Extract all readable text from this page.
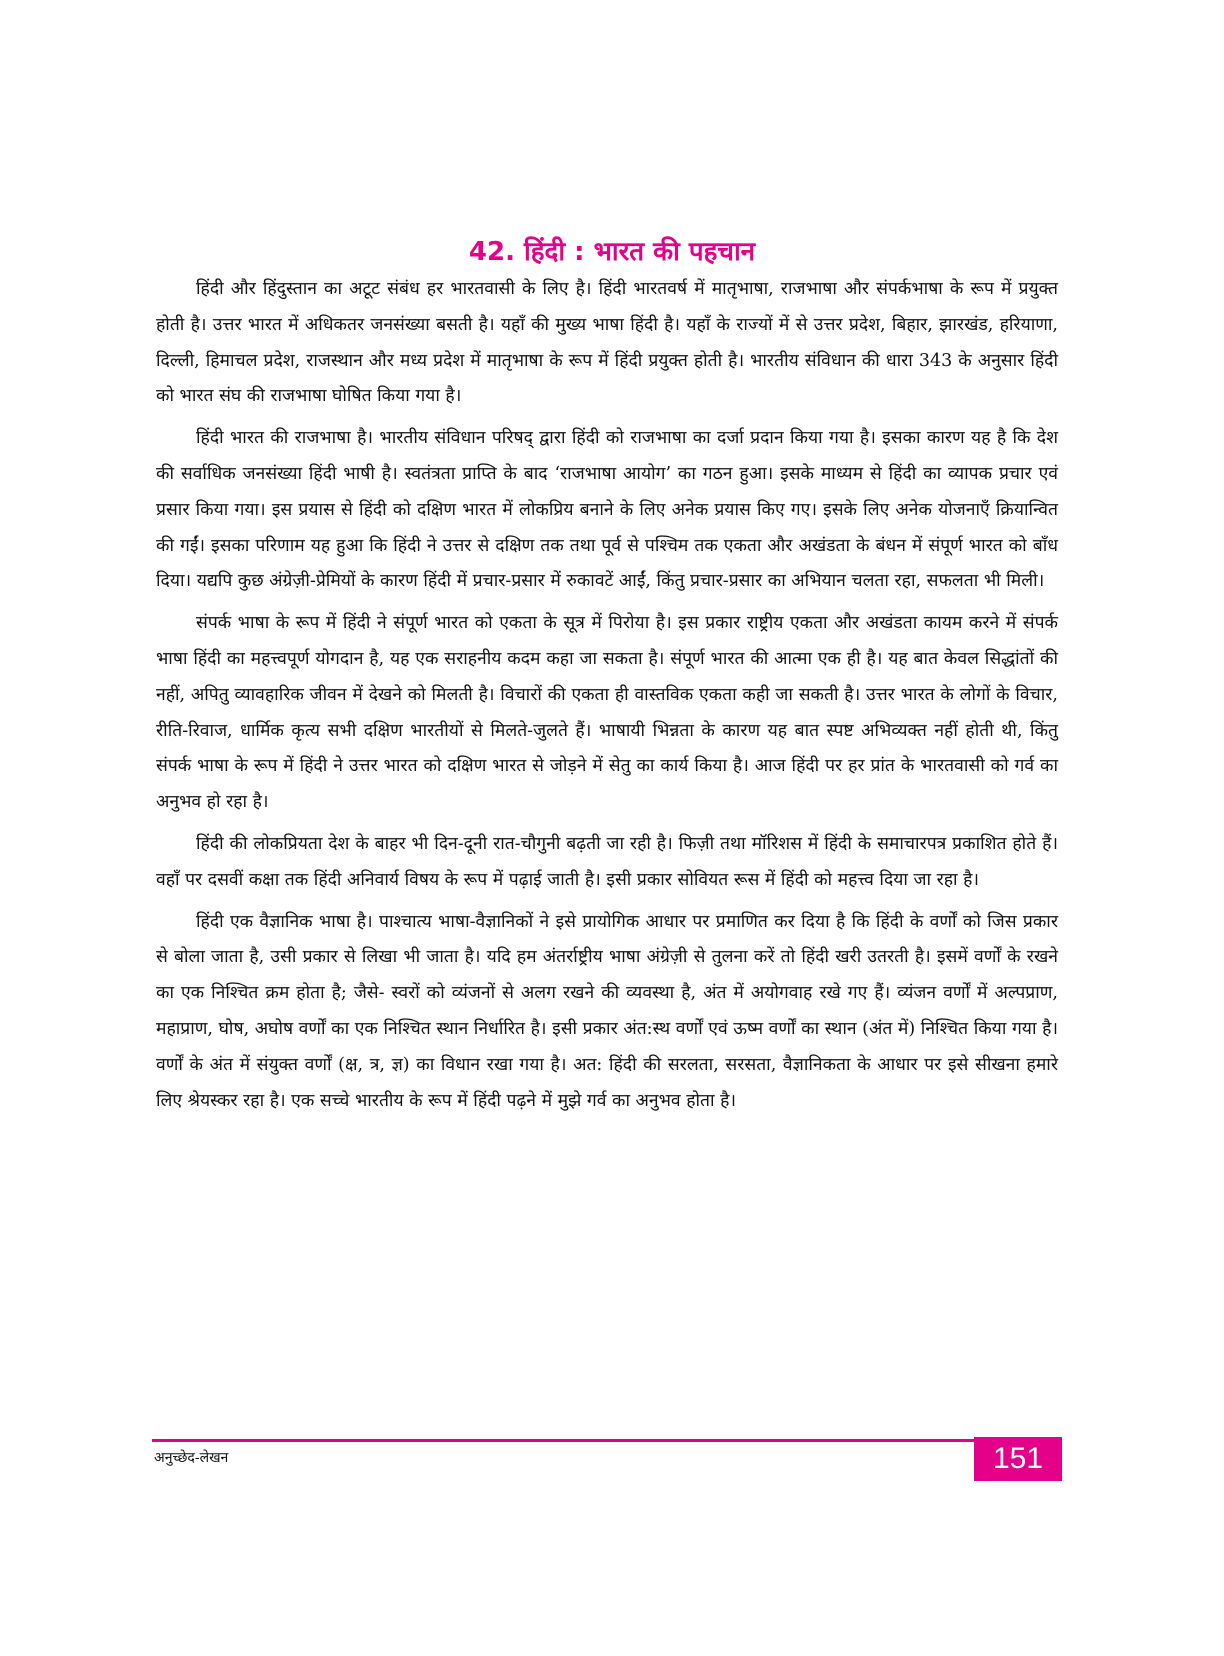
42. हिंदी : भारत की पहचान

हिंदी और हिंदुस्तान का अटूट संबंध हर भारतवासी के लिए है। हिंदी भारतवर्ष में मातृभाषा, राजभाषा और संपर्कभाषा के रूप में प्रयुक्त होती है। उत्तर भारत में अधिकतर जनसंख्या बसती है। यहाँ की मुख्य भाषा हिंदी है। यहाँ के राज्यों में से उत्तर प्रदेश, बिहार, झारखंड, हरियाणा, दिल्ली, हिमाचल प्रदेश, राजस्थान और मध्य प्रदेश में मातृभाषा के रूप में हिंदी प्रयुक्त होती है। भारतीय संविधान की धारा 343 के अनुसार हिंदी को भारत संघ की राजभाषा घोषित किया गया है।

हिंदी भारत की राजभाषा है। भारतीय संविधान परिषद् द्वारा हिंदी को राजभाषा का दर्जा प्रदान किया गया है। इसका कारण यह है कि देश की सर्वाधिक जनसंख्या हिंदी भाषी है। स्वतंत्रता प्राप्ति के बाद ‘राजभाषा आयोग’ का गठन हुआ। इसके माध्यम से हिंदी का व्यापक प्रचार एवं प्रसार किया गया। इस प्रयास से हिंदी को दक्षिण भारत में लोकप्रिय बनाने के लिए अनेक प्रयास किए गए। इसके लिए अनेक योजनाएँ क्रियान्वित की गईं। इसका परिणाम यह हुआ कि हिंदी ने उत्तर से दक्षिण तक तथा पूर्व से पश्चिम तक एकता और अखंडता के बंधन में संपूर्ण भारत को बाँध दिया। यद्यपि कुछ अंग्रेज़ी-प्रेमियों के कारण हिंदी में प्रचार-प्रसार में रुकावटें आईं, किंतु प्रचार-प्रसार का अभियान चलता रहा, सफलता भी मिली।

संपर्क भाषा के रूप में हिंदी ने संपूर्ण भारत को एकता के सूत्र में पिरोया है। इस प्रकार राष्ट्रीय एकता और अखंडता कायम करने में संपर्क भाषा हिंदी का महत्त्वपूर्ण योगदान है, यह एक सराहनीय कदम कहा जा सकता है। संपूर्ण भारत की आत्मा एक ही है। यह बात केवल सिद्धांतों की नहीं, अपितु व्यावहारिक जीवन में देखने को मिलती है। विचारों की एकता ही वास्तविक एकता कही जा सकती है। उत्तर भारत के लोगों के विचार, रीति-रिवाज, धार्मिक कृत्य सभी दक्षिण भारतीयों से मिलते-जुलते हैं। भाषायी भिन्नता के कारण यह बात स्पष्ट अभिव्यक्त नहीं होती थी, किंतु संपर्क भाषा के रूप में हिंदी ने उत्तर भारत को दक्षिण भारत से जोड़ने में सेतु का कार्य किया है। आज हिंदी पर हर प्रांत के भारतवासी को गर्व का अनुभव हो रहा है।

हिंदी की लोकप्रियता देश के बाहर भी दिन-दूनी रात-चौगुनी बढ़ती जा रही है। फिज़ी तथा मॉरिशस में हिंदी के समाचारपत्र प्रकाशित होते हैं। वहाँ पर दसवीं कक्षा तक हिंदी अनिवार्य विषय के रूप में पढ़ाई जाती है। इसी प्रकार सोवियत रूस में हिंदी को महत्त्व दिया जा रहा है।

हिंदी एक वैज्ञानिक भाषा है। पाश्चात्य भाषा-वैज्ञानिकों ने इसे प्रायोगिक आधार पर प्रमाणित कर दिया है कि हिंदी के वर्णों को जिस प्रकार से बोला जाता है, उसी प्रकार से लिखा भी जाता है। यदि हम अंतर्राष्ट्रीय भाषा अंग्रेज़ी से तुलना करें तो हिंदी खरी उतरती है। इसमें वर्णों के रखने का एक निश्चित क्रम होता है; जैसे- स्वरों को व्यंजनों से अलग रखने की व्यवस्था है, अंत में अयोगवाह रखे गए हैं। व्यंजन वर्णों में अल्पप्राण, महाप्राण, घोष, अघोष वर्णों का एक निश्चित स्थान निर्धारित है। इसी प्रकार अंत:स्थ वर्णों एवं ऊष्म वर्णों का स्थान (अंत में) निश्चित किया गया है। वर्णों के अंत में संयुक्त वर्णों (क्ष, त्र, ज्ञ) का विधान रखा गया है। अत: हिंदी की सरलता, सरसता, वैज्ञानिकता के आधार पर इसे सीखना हमारे लिए श्रेयस्कर रहा है। एक सच्चे भारतीय के रूप में हिंदी पढ़ने में मुझे गर्व का अनुभव होता है।

अनुच्छेद-लेखन	151
